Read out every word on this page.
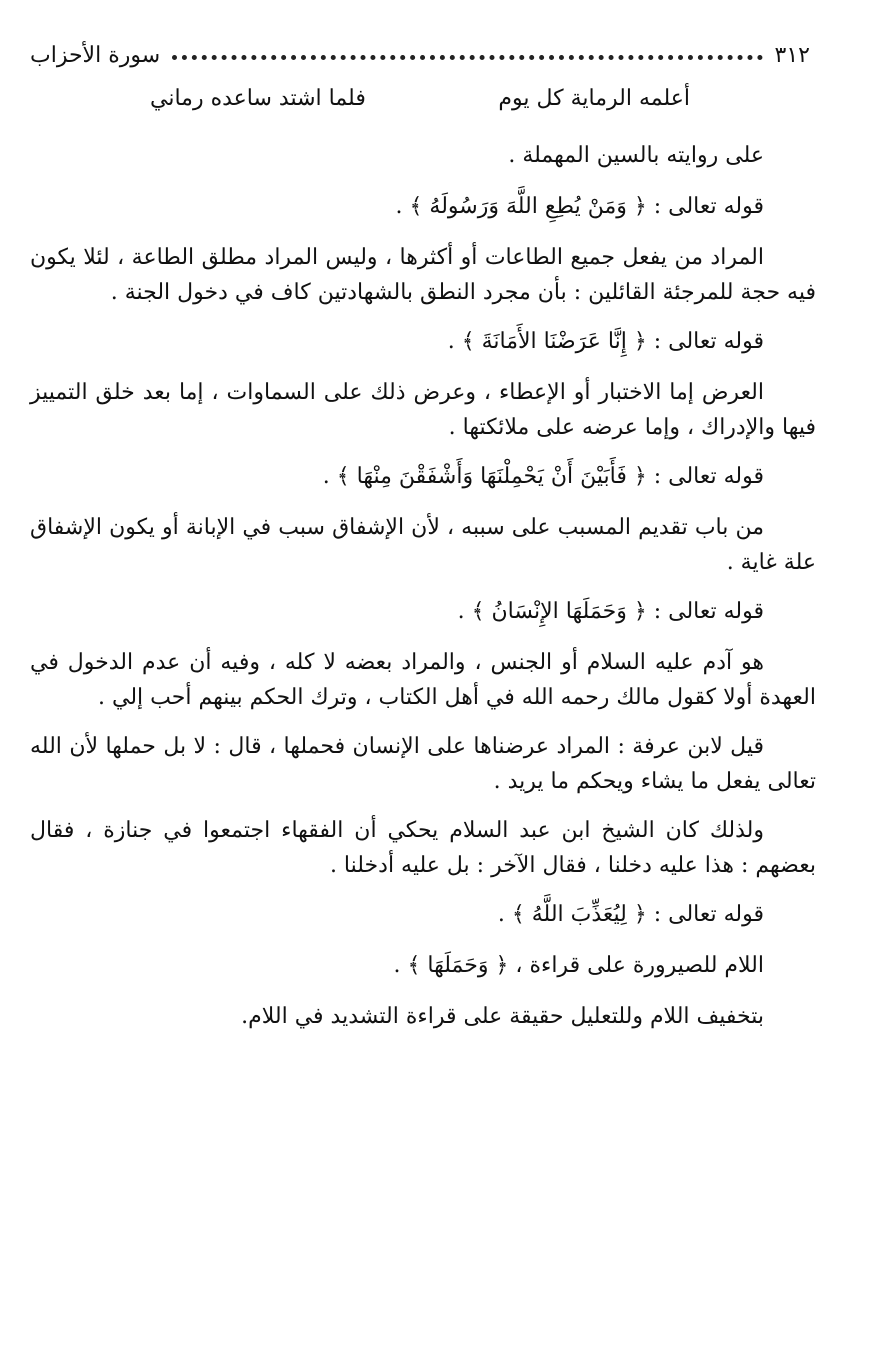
٣١٢
سورة الأحزاب
أعلمه الرماية كل يوم
فلما اشتد ساعده رماني

على روايته بالسين المهملة .

قوله تعالى : ﴿ وَمَنْ يُطِعِ اللَّهَ وَرَسُولَهُ ﴾ .

المراد من يفعل جميع الطاعات أو أكثرها ، وليس المراد مطلق الطاعة ، لئلا يكون فيه حجة للمرجئة القائلين : بأن مجرد النطق بالشهادتين كاف في دخول الجنة .

قوله تعالى : ﴿ إِنَّا عَرَضْنَا الأَمَانَةَ ﴾ .

العرض إما الاختبار أو الإعطاء ، وعرض ذلك على السماوات ، إما بعد خلق التمييز فيها والإدراك ، وإما عرضه على ملائكتها .

قوله تعالى : ﴿ فَأَبَيْنَ أَنْ يَحْمِلْنَهَا وَأَشْفَقْنَ مِنْهَا ﴾ .

من باب تقديم المسبب على سببه ، لأن الإشفاق سبب في الإبانة أو يكون الإشفاق علة غاية .

قوله تعالى : ﴿ وَحَمَلَهَا الإِنْسَانُ ﴾ .

هو آدم عليه السلام أو الجنس ، والمراد بعضه لا كله ، وفيه أن عدم الدخول في العهدة أولا كقول مالك رحمه الله في أهل الكتاب ، وترك الحكم بينهم أحب إلي .

قيل لابن عرفة : المراد عرضناها على الإنسان فحملها ، قال : لا بل حملها لأن الله تعالى يفعل ما يشاء ويحكم ما يريد .

ولذلك كان الشيخ ابن عبد السلام يحكي أن الفقهاء اجتمعوا في جنازة ، فقال بعضهم : هذا عليه دخلنا ، فقال الآخر : بل عليه أدخلنا .

قوله تعالى : ﴿ لِيُعَذِّبَ اللَّهُ ﴾ .

اللام للصيرورة على قراءة ، ﴿ وَحَمَلَهَا ﴾ .

بتخفيف اللام وللتعليل حقيقة على قراءة التشديد في اللام.
